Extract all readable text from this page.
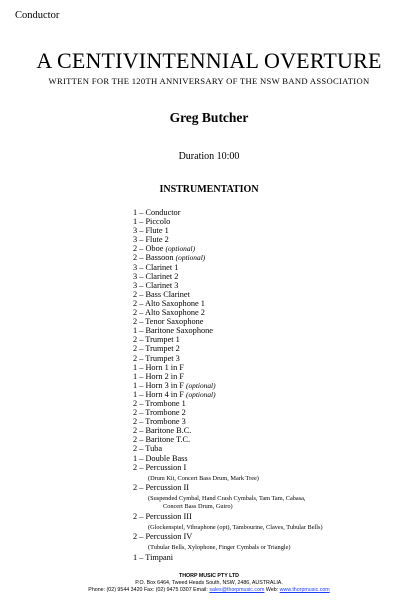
Conductor
A CENTIVINTENNIAL OVERTURE
WRITTEN FOR THE 120TH ANNIVERSARY OF THE NSW BAND ASSOCIATION
Greg Butcher
Duration 10:00
INSTRUMENTATION
1 – Conductor
1 – Piccolo
3 – Flute 1
3 – Flute 2
2 – Oboe (optional)
2 – Bassoon (optional)
3 – Clarinet 1
3 – Clarinet 2
3 – Clarinet 3
2 – Bass Clarinet
2 – Alto Saxophone 1
2 – Alto Saxophone 2
2 – Tenor Saxophone
1 – Baritone Saxophone
2 – Trumpet 1
2 – Trumpet 2
2 – Trumpet 3
1 – Horn 1 in F
1 – Horn 2 in F
1 – Horn 3 in F (optional)
1 – Horn 4 in F (optional)
2 – Trombone 1
2 – Trombone 2
2 – Trombone 3
2 – Baritone B.C.
2 – Baritone T.C.
2 – Tuba
1 – Double Bass
2 – Percussion I
(Drum Kit, Concert Bass Drum, Mark Tree)
2 – Percussion II
(Suspended Cymbal, Hand Crash Cymbals, Tam Tam, Cabasa,
Concert Bass Drum, Guiro)
2 – Percussion III
(Glockenspiel, Vibraphone (opt), Tambourine, Claves, Tubular Bells)
2 – Percussion IV
(Tubular Bells, Xylophone, Finger Cymbals or Triangle)
1 – Timpani
THORP MUSIC PTY LTD
P.O. Box 6464, Tweed Heads South, NSW, 2486, AUSTRALIA.
Phone: (02) 9544 3420 Fax: (02) 9475 0307 Email: sales@thorpmusic.com Web: www.thorpmusic.com
